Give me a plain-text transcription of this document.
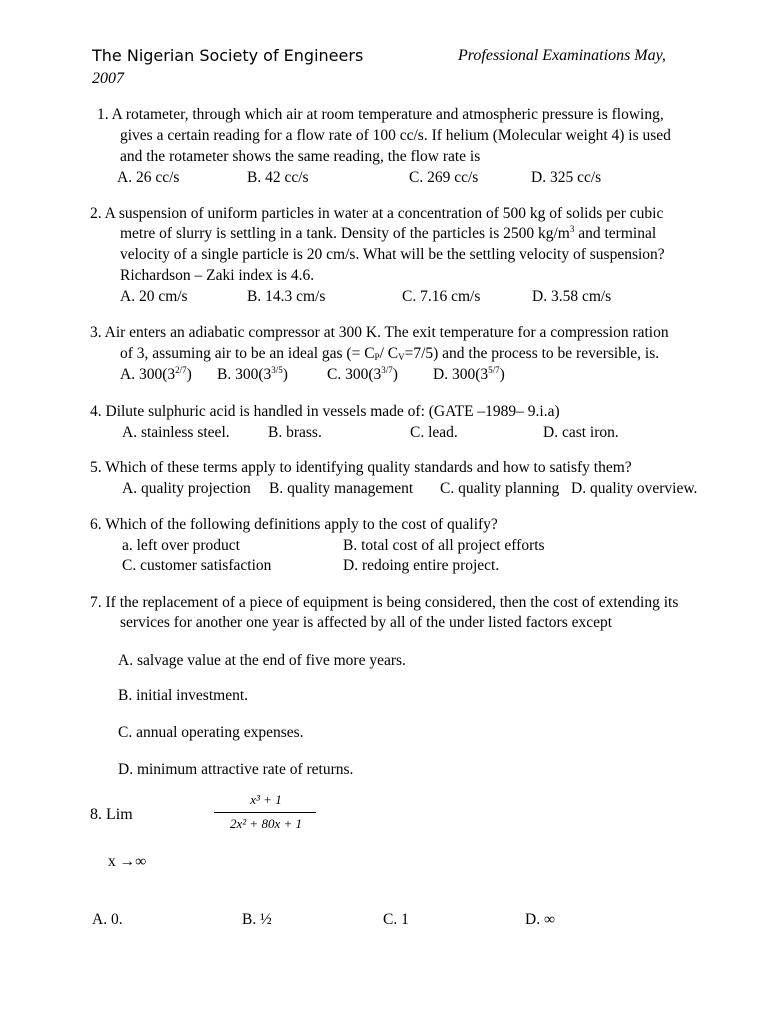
The Nigerian Society of Engineers	Professional Examinations May,
2007
1. A rotameter, through which air at room temperature and atmospheric pressure is flowing,
gives a certain reading for a flow rate of 100 cc/s. If helium (Molecular weight 4) is used
and the rotameter shows the same reading, the flow rate is
A. 26 cc/s	B. 42 cc/s	C. 269 cc/s	D. 325 cc/s
2. A suspension of uniform particles in water at a concentration of 500 kg of solids per cubic
metre of slurry is settling in a tank. Density of the particles is 2500 $kg/m^3$ and terminal
velocity of a single particle is 20 cm/s. What will be the settling velocity of suspension?
Richardson – Zaki index is 4.6.
A. 20 cm/s	B. 14.3 cm/s	C. 7.16 cm/s	D. 3.58 cm/s
3. Air enters an adiabatic compressor at 300 K. The exit temperature for a compression ration
of 3, assuming air to be an ideal gas (= $C_P/$ $C_V=7/5$) and the process to be reversible, is.
A. $300(3^{2/7})$ B. $300(3^{3/5})$	C. $300(3^{3/7})$ D. $300(3^{5/7})$
4. Dilute sulphuric acid is handled in vessels made of: (GATE –1989– 9.i.a)
A. stainless steel. B. brass.	C. lead.	D. cast iron.
5. Which of these terms apply to identifying quality standards and how to satisfy them?
A. quality projection B. quality management C. quality planning D. quality overview.
6. Which of the following definitions apply to the cost of qualify?
a. left over product	B. total cost of all project efforts
C. customer satisfaction	D. redoing entire project.
7. If the replacement of a piece of equipment is being considered, then the cost of extending its
services for another one year is affected by all of the under listed factors except
A. salvage value at the end of five more years.
B. initial investment.
C. annual operating expenses.
D. minimum attractive rate of returns.
8. Lim
x³ + 1
2x² + 80x + 1
x →∞
A. 0.	B. ½	C. 1	D. ∞
